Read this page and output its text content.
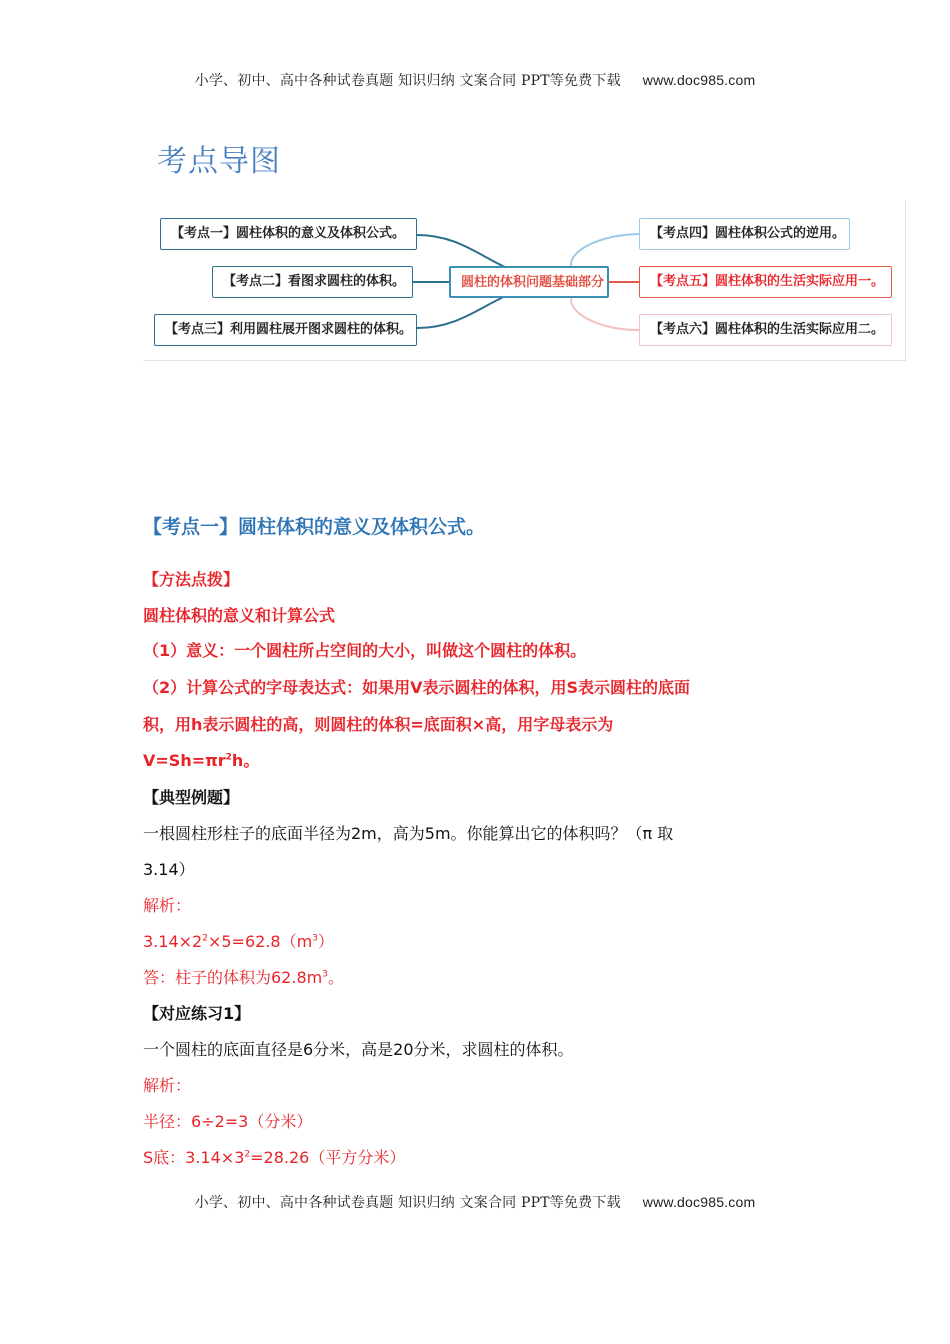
小学、初中、高中各种试卷真题 知识归纳 文案合同 PPT等免费下载 www.doc985.com
考点导图
【考点一】圆柱体积的意义及体积公式。
【考点二】看图求圆柱的体积。
【考点三】利用圆柱展开图求圆柱的体积。
圆柱的体积问题基础部分
【考点四】圆柱体积公式的逆用。
【考点五】圆柱体积的生活实际应用一。
【考点六】圆柱体积的生活实际应用二。
【考点一】圆柱体积的意义及体积公式。
【方法点拨】
圆柱体积的意义和计算公式
（1）意义：一个圆柱所占空间的大小，叫做这个圆柱的体积。
（2）计算公式的字母表达式：如果用Ⅴ表示圆柱的体积，用S表示圆柱的底面
积，用h表示圆柱的高，则圆柱的体积=底面积×高，用字母表示为
$V=Sh=\pi r^2h$。
【典型例题】
一根圆柱形柱子的底面半径为2m，高为5m。你能算出它的体积吗？（π 取
3.14）
解析：
$3.14\times 2^2\times 5=62.8(m^3)$
答：柱子的体积为$62.8m^3$。
【对应练习1】
一个圆柱的底面直径是6分米，高是20分米，求圆柱的体积。
解析：
半径：6÷2=3（分米）
S底：$3.14\times 3^2=28.26$（平方分米）
小学、初中、高中各种试卷真题 知识归纳 文案合同 PPT等免费下载 www.doc985.com
